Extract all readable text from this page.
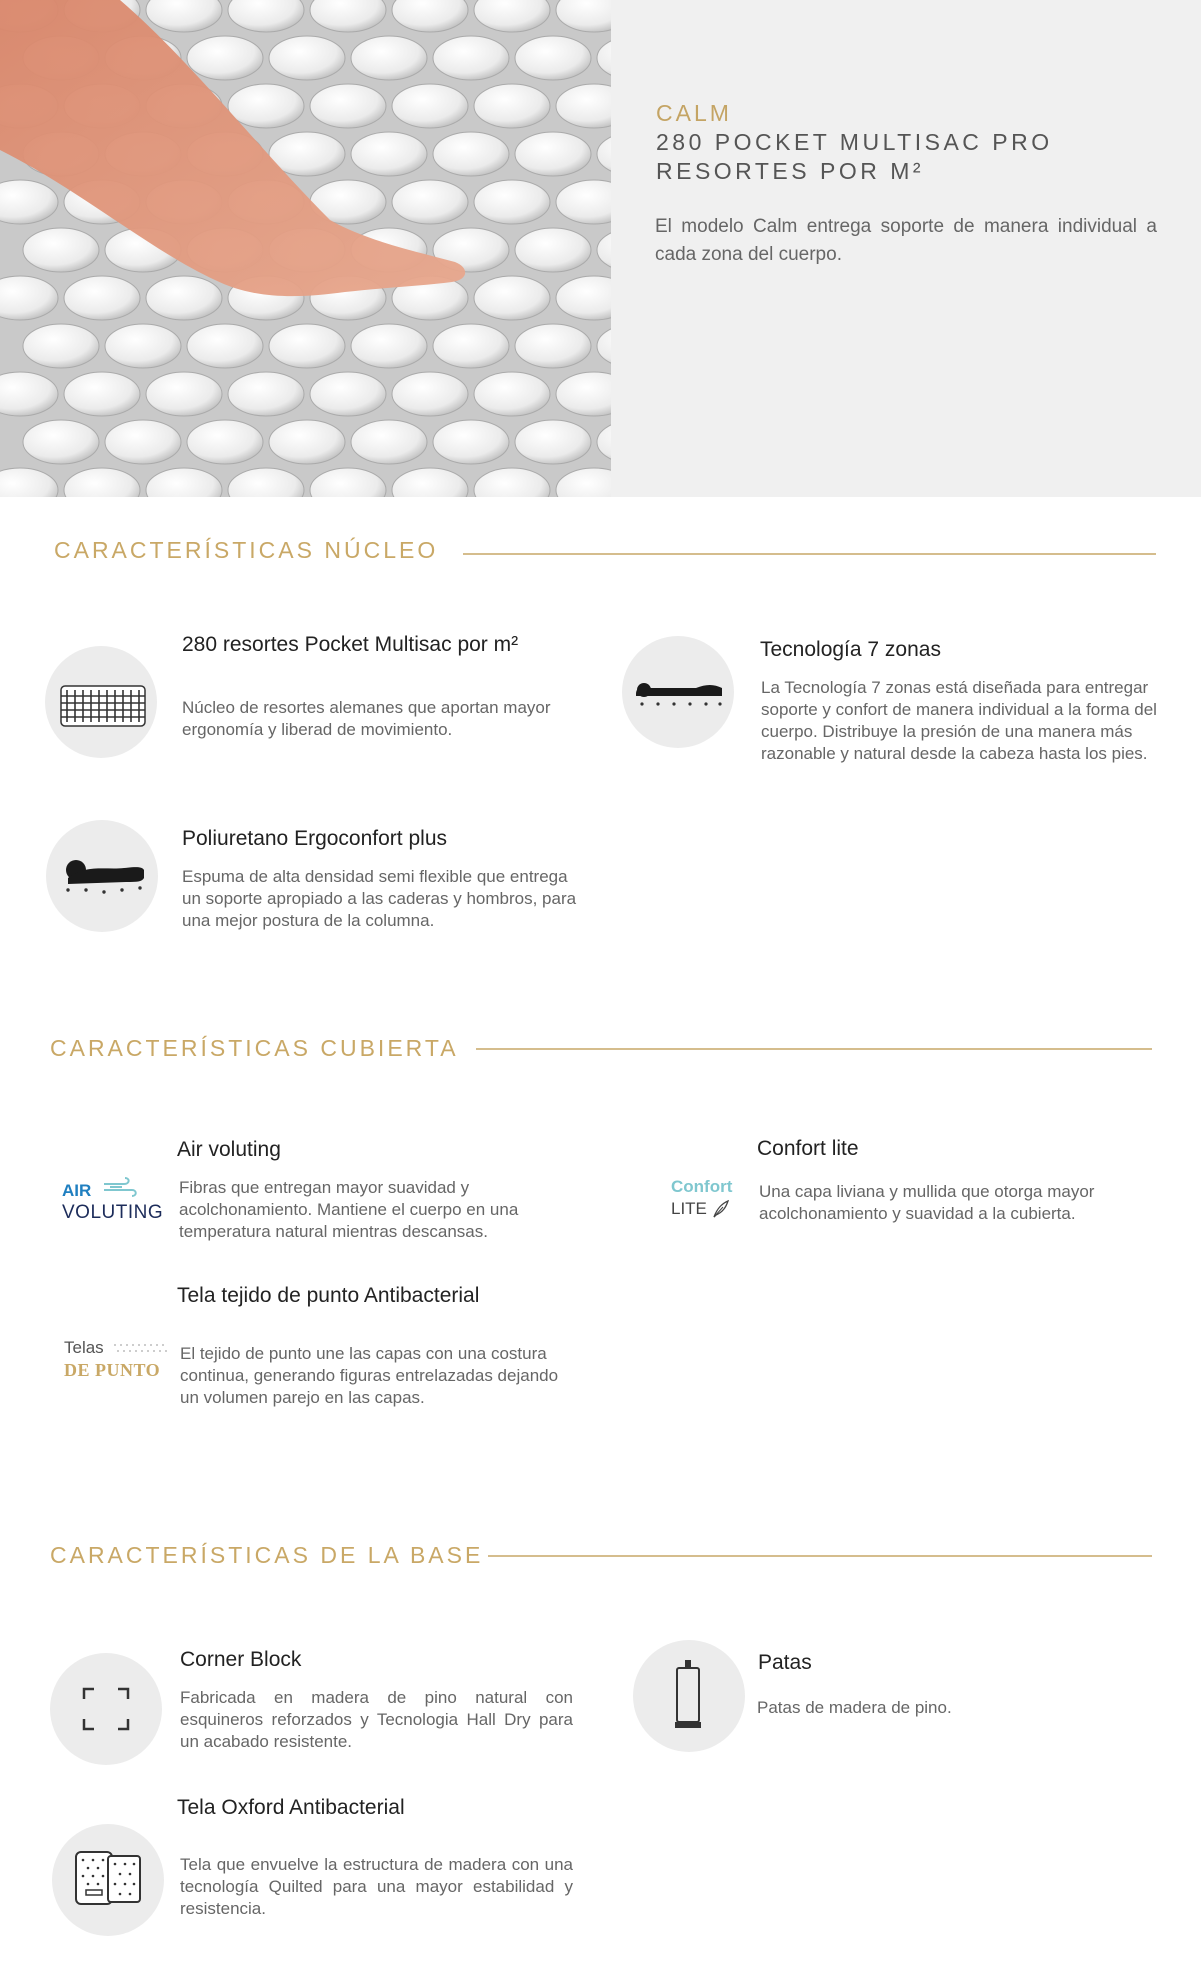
CALM
280 POCKET MULTISAC PRO RESORTES POR M²
El modelo Calm entrega soporte de manera individual a cada zona del cuerpo.
CARACTERÍSTICAS NÚCLEO
280 resortes Pocket Multisac por m²
Núcleo de resortes alemanes que aportan mayor ergonomía y liberad de movimiento.
Tecnología 7 zonas
La Tecnología 7 zonas está diseñada para entregar soporte y confort de manera individual a la forma del cuerpo. Distribuye la presión de una manera más razonable y natural desde la cabeza hasta los pies.
Poliuretano Ergoconfort plus
Espuma de alta densidad semi flexible que entrega un soporte apropiado a las caderas y hombros, para una mejor postura de la columna.
CARACTERÍSTICAS CUBIERTA
AIR
VOLUTING
Air voluting
Fibras que entregan mayor suavidad y acolchonamiento. Mantiene el cuerpo en una temperatura natural mientras descansas.
Confort
LITE
Confort lite
Una capa liviana y mullida que otorga mayor acolchonamiento y suavidad a la cubierta.
Telas
DE PUNTO
Tela tejido de punto Antibacterial
El tejido de punto une las capas con una costura continua, generando figuras entrelazadas dejando un volumen parejo en las capas.
CARACTERÍSTICAS DE LA BASE
Corner Block
Fabricada en madera de pino natural con esquineros reforzados y Tecnologia Hall Dry para un acabado resistente.
Patas
Patas de madera de pino.
Tela Oxford Antibacterial
Tela que envuelve la estructura de madera con una tecnología Quilted para una mayor estabilidad y resistencia.
